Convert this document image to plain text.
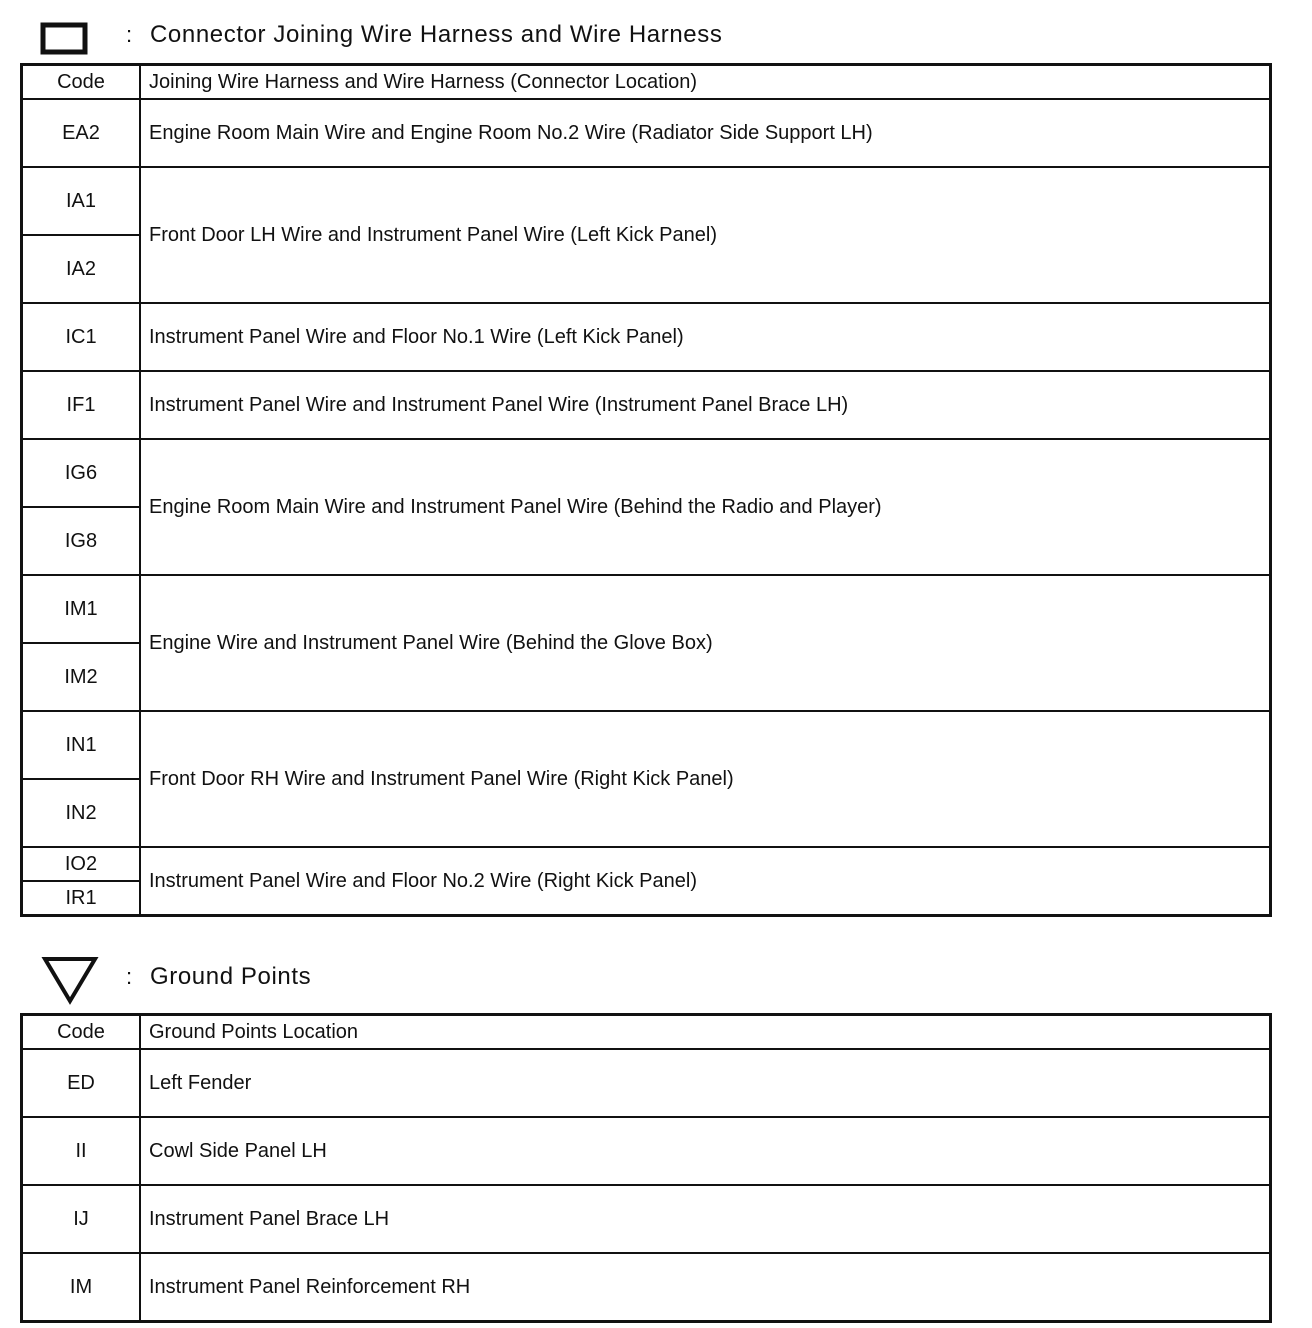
: Connector Joining Wire Harness and Wire Harness
Code	Joining Wire Harness and Wire Harness (Connector Location)
EA2	Engine Room Main Wire and Engine Room No.2 Wire (Radiator Side Support LH)
IA1	Front Door LH Wire and Instrument Panel Wire (Left Kick Panel)
IA2	
IC1	Instrument Panel Wire and Floor No.1 Wire (Left Kick Panel)
IF1	Instrument Panel Wire and Instrument Panel Wire (Instrument Panel Brace LH)
IG6	Engine Room Main Wire and Instrument Panel Wire (Behind the Radio and Player)
IG8	
IM1	Engine Wire and Instrument Panel Wire (Behind the Glove Box)
IM2	
IN1	Front Door RH Wire and Instrument Panel Wire (Right Kick Panel)
IN2	
IO2	Instrument Panel Wire and Floor No.2 Wire (Right Kick Panel)
IR1	
: Ground Points
Code	Ground Points Location
ED	Left Fender
II	Cowl Side Panel LH
IJ	Instrument Panel Brace LH
IM	Instrument Panel Reinforcement RH
